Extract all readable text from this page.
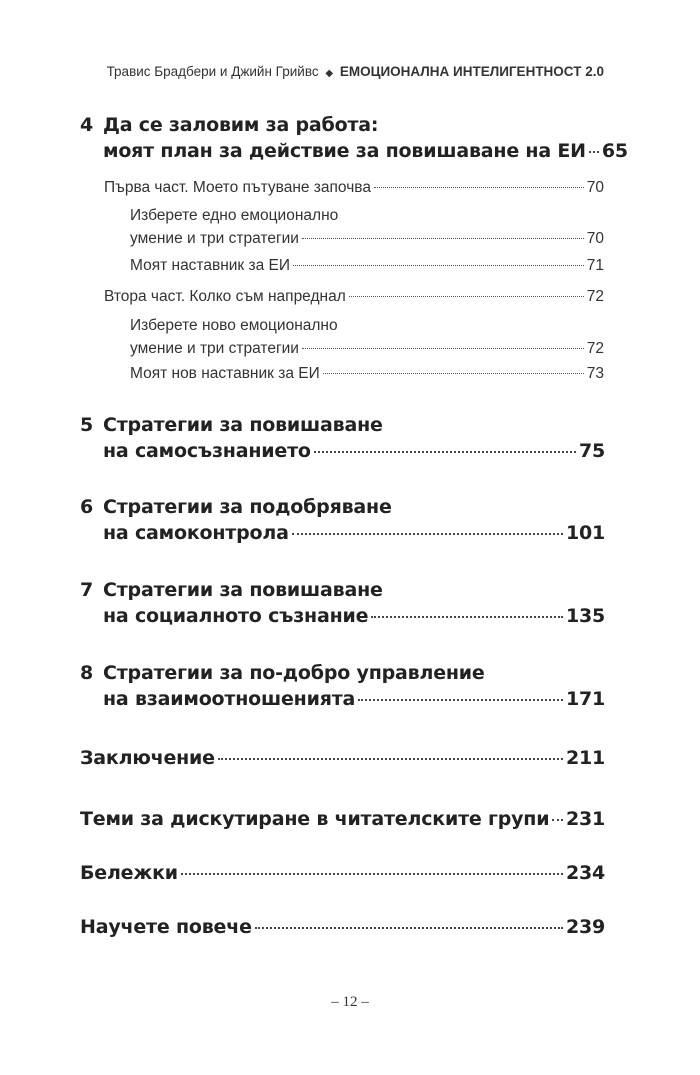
Травис Брадбери и Джийн Грийвс ◆ ЕМОЦИОНАЛНА ИНТЕЛИГЕНТНОСТ 2.0
4 Да се заловим за работа:
моят план за действие за повишаване на ЕИ 65
Първа част. Моето пътуване започва	70
Изберете едно емоционално
умение и три стратегии	70
Моят наставник за ЕИ	71
Втора част. Колко съм напреднал	72
Изберете ново емоционално
умение и три стратегии	72
Моят нов наставник за ЕИ	73
5 Стратегии за повишаване
на самосъзнанието	75
6 Стратегии за подобряване
на самоконтрола	101
7 Стратегии за повишаване
на социалното съзнание	135
8 Стратегии за по-добро управление
на взаимоотношенията	171
Заключение	211
Теми за дискутиране в читателските групи 231
Бележки	234
Научете повече	239
– 12 –
